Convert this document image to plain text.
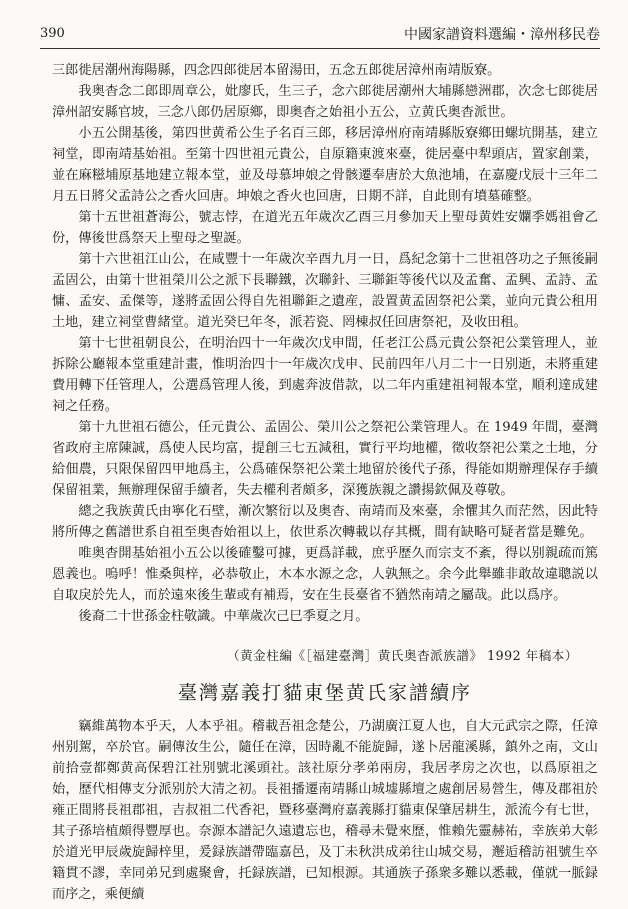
390	中國家譜資料選編・漳州移民卷

三郎徙居潮州海陽縣，四念四郎徙居本留湯田，五念五郎徙居漳州南靖版寮。

我奥杳念二郎即周章公，妣廖氏，生三子，念六郎徙居潮州大埔縣戀洲郡，次念七郎徙居漳州詔安縣官坡，三念八郎仍居原鄉，即奥杳之始祖小五公，立黄氏奥杳派世。

小五公開基後，第四世黄希公生子名百三郎，移居漳州府南靖縣版寮鄉田螺坑開基，建立祠堂，即南靖基始祖。至第十四世祖元貴公，自原籍東渡來臺，徙居臺中犁頭店，置家創業，並在麻糍埔原基地建立報本堂，並及母慕坤娘之骨骸遷奉唐於大魚池埔，在嘉慶戊辰十三年二月五日將父孟詩公之香火回唐。坤娘之香火也回唐，日期不詳，自此則有墳墓確整。

第十五世祖蒼海公，號志悖，在道光五年歲次乙酉三月參加天上聖母黄姓安孄季媽祖會乙份，傳後世爲祭天上聖母之聖誕。

第十六世祖江山公，在咸豐十一年歲次辛酉九月一日，爲紀念第十二世祖啓功之子無後嗣孟固公，由第十世祖榮川公之派下長聯鐵，次聯針、三聯鉅等後代以及孟奮、孟興、孟詩、孟慵、孟安、孟傑等，遂將孟固公得自先祖聯鉅之遺産，設置黄孟固祭祀公業，並向元貴公租用土地，建立祠堂曹緒堂。道光癸巳年冬，派若瓷、罔棟叔任回唐祭祀，及收田租。

第十七世祖朝良公，在明治四十一年歲次戊申間，任老江公爲元貴公祭祀公業管理人，並拆除公廳報本堂重建計畫，惟明治四十一年歲次戊申、民前四年八月二十一日别逝，未將重建費用轉下任管理人，公選爲管理人後，到處奔波借款，以二年内重建祖祠報本堂，順利達成建祠之任務。

第十九世祖石德公，任元貴公、孟固公、榮川公之祭祀公業管理人。在 1949 年間，臺灣省政府主席陳誠，爲使人民均富，提創三七五減租，實行平均地權，徵收祭祀公業之土地，分給佃農，只限保留四甲地爲主，公爲確保祭祀公業土地留於後代子孫，得能如期辦理保存手續保留祖業，無辦理保留手續者，失去權利者頗多，深獲族親之讚揚欽佩及尊敬。

總之我族黄氏由寧化石壁，漸次繁衍以及奥杳、南靖而及來臺，余懼其久而茫然，因此特將所傳之舊譜世系自祖至奥杳始祖以上，依世系次轉載以存其概，間有缺略可疑者當是難免。

唯奥杳開基始祖小五公以後確鑿可據，更爲詳載，庶乎歷久而宗支不紊，得以别親疏而篤恩義也。嗚呼！惟桑與梓，必恭敬止，木本水源之念，人孰無之。余今此舉雖非敢故違聰説以自取戾於先人，而於遠來後生輩或有補焉，安在生長臺省不猶然南靖之屬哉。此以爲序。

後裔二十世孫金柱敬識。中華歲次己巳季夏之月。

（黄金柱編《［福建臺灣］黄氏奥杳派族譜》 1992 年稿本）
臺灣嘉義打貓東堡黄氏家譜續序

竊維萬物本乎天，人本乎祖。稽載吾祖念楚公，乃湖廣江夏人也，自大元武宗之際，任漳州别駕，卒於官。嗣傳汝生公，隨任在漳，因時亂不能旋歸，遂卜居龍溪縣，鎮外之南，文山前拾壹都鄭黄高保碧江社别號北溪頭社。該社原分孝弟兩房，我居孝房之次也，以爲原祖之始，歷代相傳支分派别於大清之初。長祖播遷南靖縣山城墟縣壇之處創居易營生，傳及郡祖於雍正間將長祖郡祖，吉叔祖二代香祀，暨移臺灣府嘉義縣打貓東保肇居耕生，派流今有七世，其子孫培植頗得豐厚也。奈源本譜記久遠遺忘也，稽尋未覺來歷，惟賴先靈赫祐，幸族弟大彰於道光甲辰歲旋歸梓里，爰録族譜帶臨嘉邑，及丁未秋洪成弟往山城交易，邂逅稽訪祖號生卒籍貫不謬，幸同弟兄到處聚會，托録族譜，已知根源。其通族子孫衆多難以悉載，僅就一脈録而序之，乘便續
